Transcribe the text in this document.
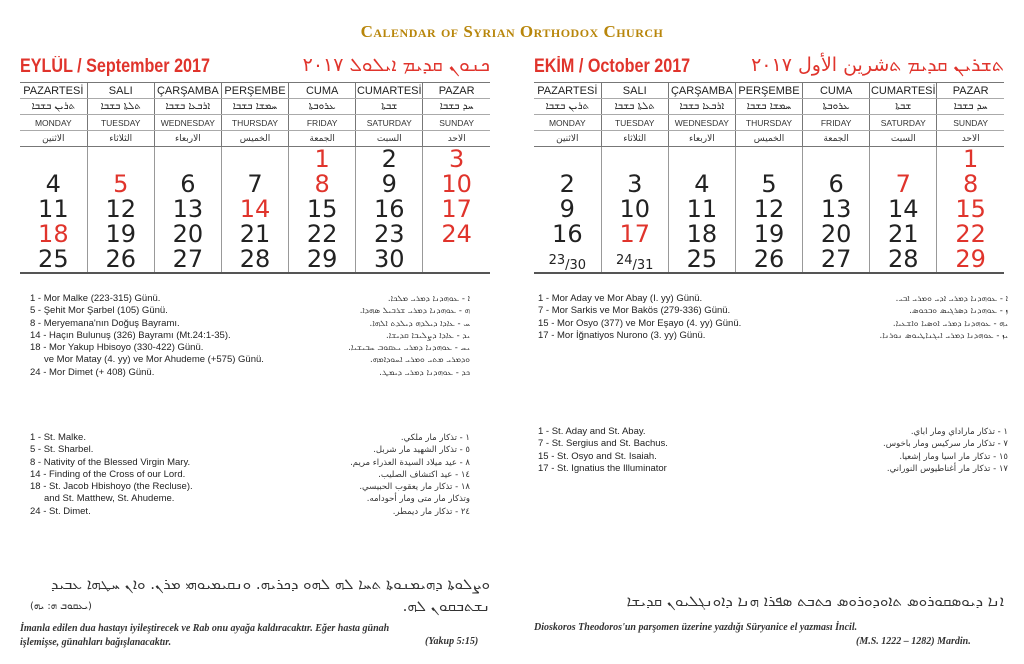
Calendar of Syrian Orthodox Church
EYLÜL / September 2017	ܟܢܘܢ ܩܕܝܡ ܐܝܠܘܠ ٢٠١٧
PAZARTESİ	SALI	ÇARŞAMBA	PERŞEMBE	CUMA	CUMARTESİ	PAZAR
ܬܪܝܢ ܒܫܒܐ	ܬܠܬܐ ܒܫܒܐ	ܐܪܒܥܐ ܒܫܒܐ	ܚܡܫܐ ܒܫܒܐ	ܥܪܘܒܬܐ	ܫܒܬܐ	ܚܕ ܒܫܒܐ
MONDAY	TUESDAY	WEDNESDAY	THURSDAY	FRIDAY	SATURDAY	SUNDAY
الاثنين	الثلاثاء	الاربعاء	الخميس	الجمعة	السبت	الاحد
				1	2	3
4	5	6	7	8	9	10
11	12	13	14	15	16	17
18	19	20	21	22	23	24
25	26	27	28	29	30	
EKİM / October 2017	ܬܫܪܝܢ ܩܕܝܡ ܬشرين الأول ٢٠١٧
PAZARTESİ	SALI	ÇARŞAMBA	PERŞEMBE	CUMA	CUMARTESİ	PAZAR
ܬܪܝܢ ܒܫܒܐ	ܬܠܬܐ ܒܫܒܐ	ܐܪܒܥܐ ܒܫܒܐ	ܚܡܫܐ ܒܫܒܐ	ܥܪܘܒܬܐ	ܫܒܬܐ	ܚܕ ܒܫܒܐ
MONDAY	TUESDAY	WEDNESDAY	THURSDAY	FRIDAY	SATURDAY	SUNDAY
الاثنين	الثلاثاء	الاربعاء	الخميس	الجمعة	السبت	الاحد
						1
2	3	4	5	6	7	8
9	10	11	12	13	14	15
16	17	18	19	20	21	22
$^{23}$/30	$^{24}$/31	25	26	27	28	29
1 - Mor Malke (223-315) Günü.	ܐ - ܥܘܗܕܢܐ ܕܡܪܝ ܡܠܟܐ.
5 - Şehit Mor Şarbel (105) Günü.	ܗ - ܥܘܗܕܢܐ ܕܡܪܝ ܫܪܒܝܠ ܣܗܕܐ.
8 - Meryemana'nın Doğuş Bayramı.	ܚ - ܥܐܕܐ ܕܝܠܕܗ ܕܝܠܕܬ ܐܠܗܐ.
14 - Haçın Bulunuş (326) Bayramı (Mt.24:1-35).	ܝܕ - ܥܐܕܐ ܕܨܠܝܒܐ ܩܕܝܫܐ.
18 - Mor Yakup Hbisoyo (330-422) Günü.	ܝܚ - ܥܘܗܕܢܐ ܕܡܪܝ ܝܥܩܘܒ ܚܒܝܫܝܐ.
ve Mor Matay (4. yy) ve Mor Ahudeme (+575) Günü.	ܘܕܡܪܝ ܡܬܝ ܘܡܪܝ ܐܚܘܕܐܡܗ.
24 - Mor Dimet (+ 408) Günü.	ܟܕ - ܥܘܗܕܢܐ ܕܡܪܝ ܕܝܡܛ.
1 - St. Malke.	١ - تذكار مار ملكي.
5 - St. Sharbel.	٥ - تذكار الشهيد مار شربل.
8 - Nativity of the Blessed Virgin Mary.	٨ - عيد ميلاد السيدة العذراء مريم.
14 - Finding of the Cross of our Lord.	١٤ - عيد اكتشاف الصليب.
18 - St. Jacob Hbishoyo (the Recluse).	١٨ - تذكار مار يعقوب الحبيسي.
and St. Matthew, St. Ahudeme.	وتذكار مار متى ومار أحودامه.
24 - St. Dimet.	٢٤ - تذكار مار ديمطر.
1 - Mor Aday ve Mor Abay (I. yy) Günü.	ܐ - ܥܘܗܕܢܐ ܕܡܪܝ ܐܕܝ ܘܡܪܝ ܐܒܝ.
7 - Mor Sarkis ve Mor Bakös (279-336) Günü.	ܙ - ܥܘܗܕܢܐ ܕܣܪܓܝܣ ܘܒܟܘܣ.
15 - Mor Osyo (377) ve Mor Eşayo (4. yy) Günü.	ܝܗ - ܥܘܗܕܢܐ ܕܡܪܝ ܐܘܣܝܐ ܘܐܫܥܝܐ.
17 - Mor İğnatiyos Nurono (3. yy) Günü.	ܝܙ - ܥܘܗܕܢܐ ܕܡܪܝ ܐܝܓܢܐܛܝܘܣ ܢܘܪܢܐ.
1 - St. Aday and St. Abay.	١ - تذكار ماراداي ومار اباي.
7 - St. Sergius and St. Bachus.	٧ - تذكار مار سركيس ومار باخوس.
15 - St. Osyo and St. Isaiah.	١٥ - تذكار مار اسيا ومار إشعيا.
17 - St. Ignatius the Illuminator	١٧ - تذكار مار أغناطيوس النوراني.
ܘܨܠܘܬܐ ܕܗܝܡܢܘܬܐ ܬܚܐ ܠܗ ܠܗܘ ܕܟܪܝܗ. ܘܢܩܝܡܝܘܗܝ ܡܪܢ. ܘܐܢ ܚܛܗܐ ܥܒܝܕ
ܢܫܬܒܩܘܢ ܠܗ.
(ܝܥܩܘܒ ܗ: ܝܗ)
İmanla edilen dua hastayı iyileştirecek ve Rab onu ayağa kaldıracaktır. Eğer hasta günah işlemişse, günahları bağışlanacaktır.	(Yakup 5:15)
ܐܢܐ ܕܝܘܣܩܘܪܘܣ ܬܐܘܕܘܪܘܣ ܟܬܒܬ ܣܦܪܐ ܗܢܐ ܕܐܘܢܓܠܝܘܢ ܩܕܝܫܐ
Dioskoros Theodoros'un parşomen üzerine yazdığı Süryanice el yazması İncil.
(M.S. 1222 – 1282) Mardin.
